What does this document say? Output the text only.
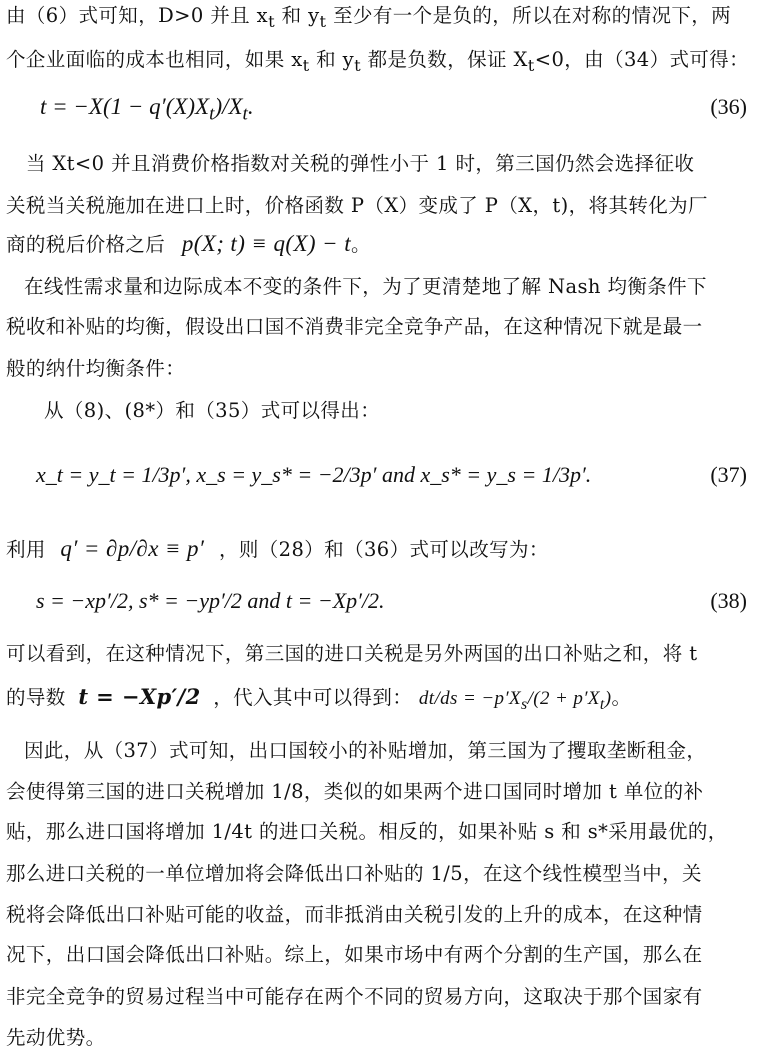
由（6）式可知，D>0 并且 $x_t$ 和 $y_t$ 至少有一个是负的，所以在对称的情况下，两
个企业面临的成本也相同，如果 $x_t$ 和 $y_t$ 都是负数，保证 $X_t<0$，由（34）式可得：
$t = -X(1 - q'(X)X_t)/X_t$.	(36)
　当 Xt<0 并且消费价格指数对关税的弹性小于 1 时，第三国仍然会选择征收
关税当关税施加在进口上时，价格函数 P（X）变成了 P（X，t)，将其转化为厂
商的税后价格之后 p(X; t) ≡ q(X) − t。
在线性需求量和边际成本不变的条件下，为了更清楚地了解 Nash 均衡条件下
税收和补贴的均衡，假设出口国不消费非完全竞争产品，在这种情况下就是最一
般的纳什均衡条件：
从（8)、(8*）和（35）式可以得出：
x_t = y_t = 1/3p′, x_s = y_s* = −2/3p′ and x_s* = y_s = 1/3p′.	(37)
利用 q′ = ∂p/∂x ≡ p′ ，则（28）和（36）式可以改写为：
s = −xp′/2, s* = −yp′/2 and t = −Xp′/2.	(38)
可以看到，在这种情况下，第三国的进口关税是另外两国的出口补贴之和，将 t
的导数 t = −Xp′/2 ，代入其中可以得到： $dt/ds = -p'X_s/(2 + p'X_t)$。
因此，从（37）式可知，出口国较小的补贴增加，第三国为了攫取垄断租金，
会使得第三国的进口关税增加 1/8，类似的如果两个进口国同时增加 t 单位的补
贴，那么进口国将增加 1/4t 的进口关税。相反的，如果补贴 s 和 s*采用最优的，
那么进口关税的一单位增加将会降低出口补贴的 1/5，在这个线性模型当中，关
税将会降低出口补贴可能的收益，而非抵消由关税引发的上升的成本，在这种情
况下，出口国会降低出口补贴。综上，如果市场中有两个分割的生产国，那么在
非完全竞争的贸易过程当中可能存在两个不同的贸易方向，这取决于那个国家有
先动优势。
